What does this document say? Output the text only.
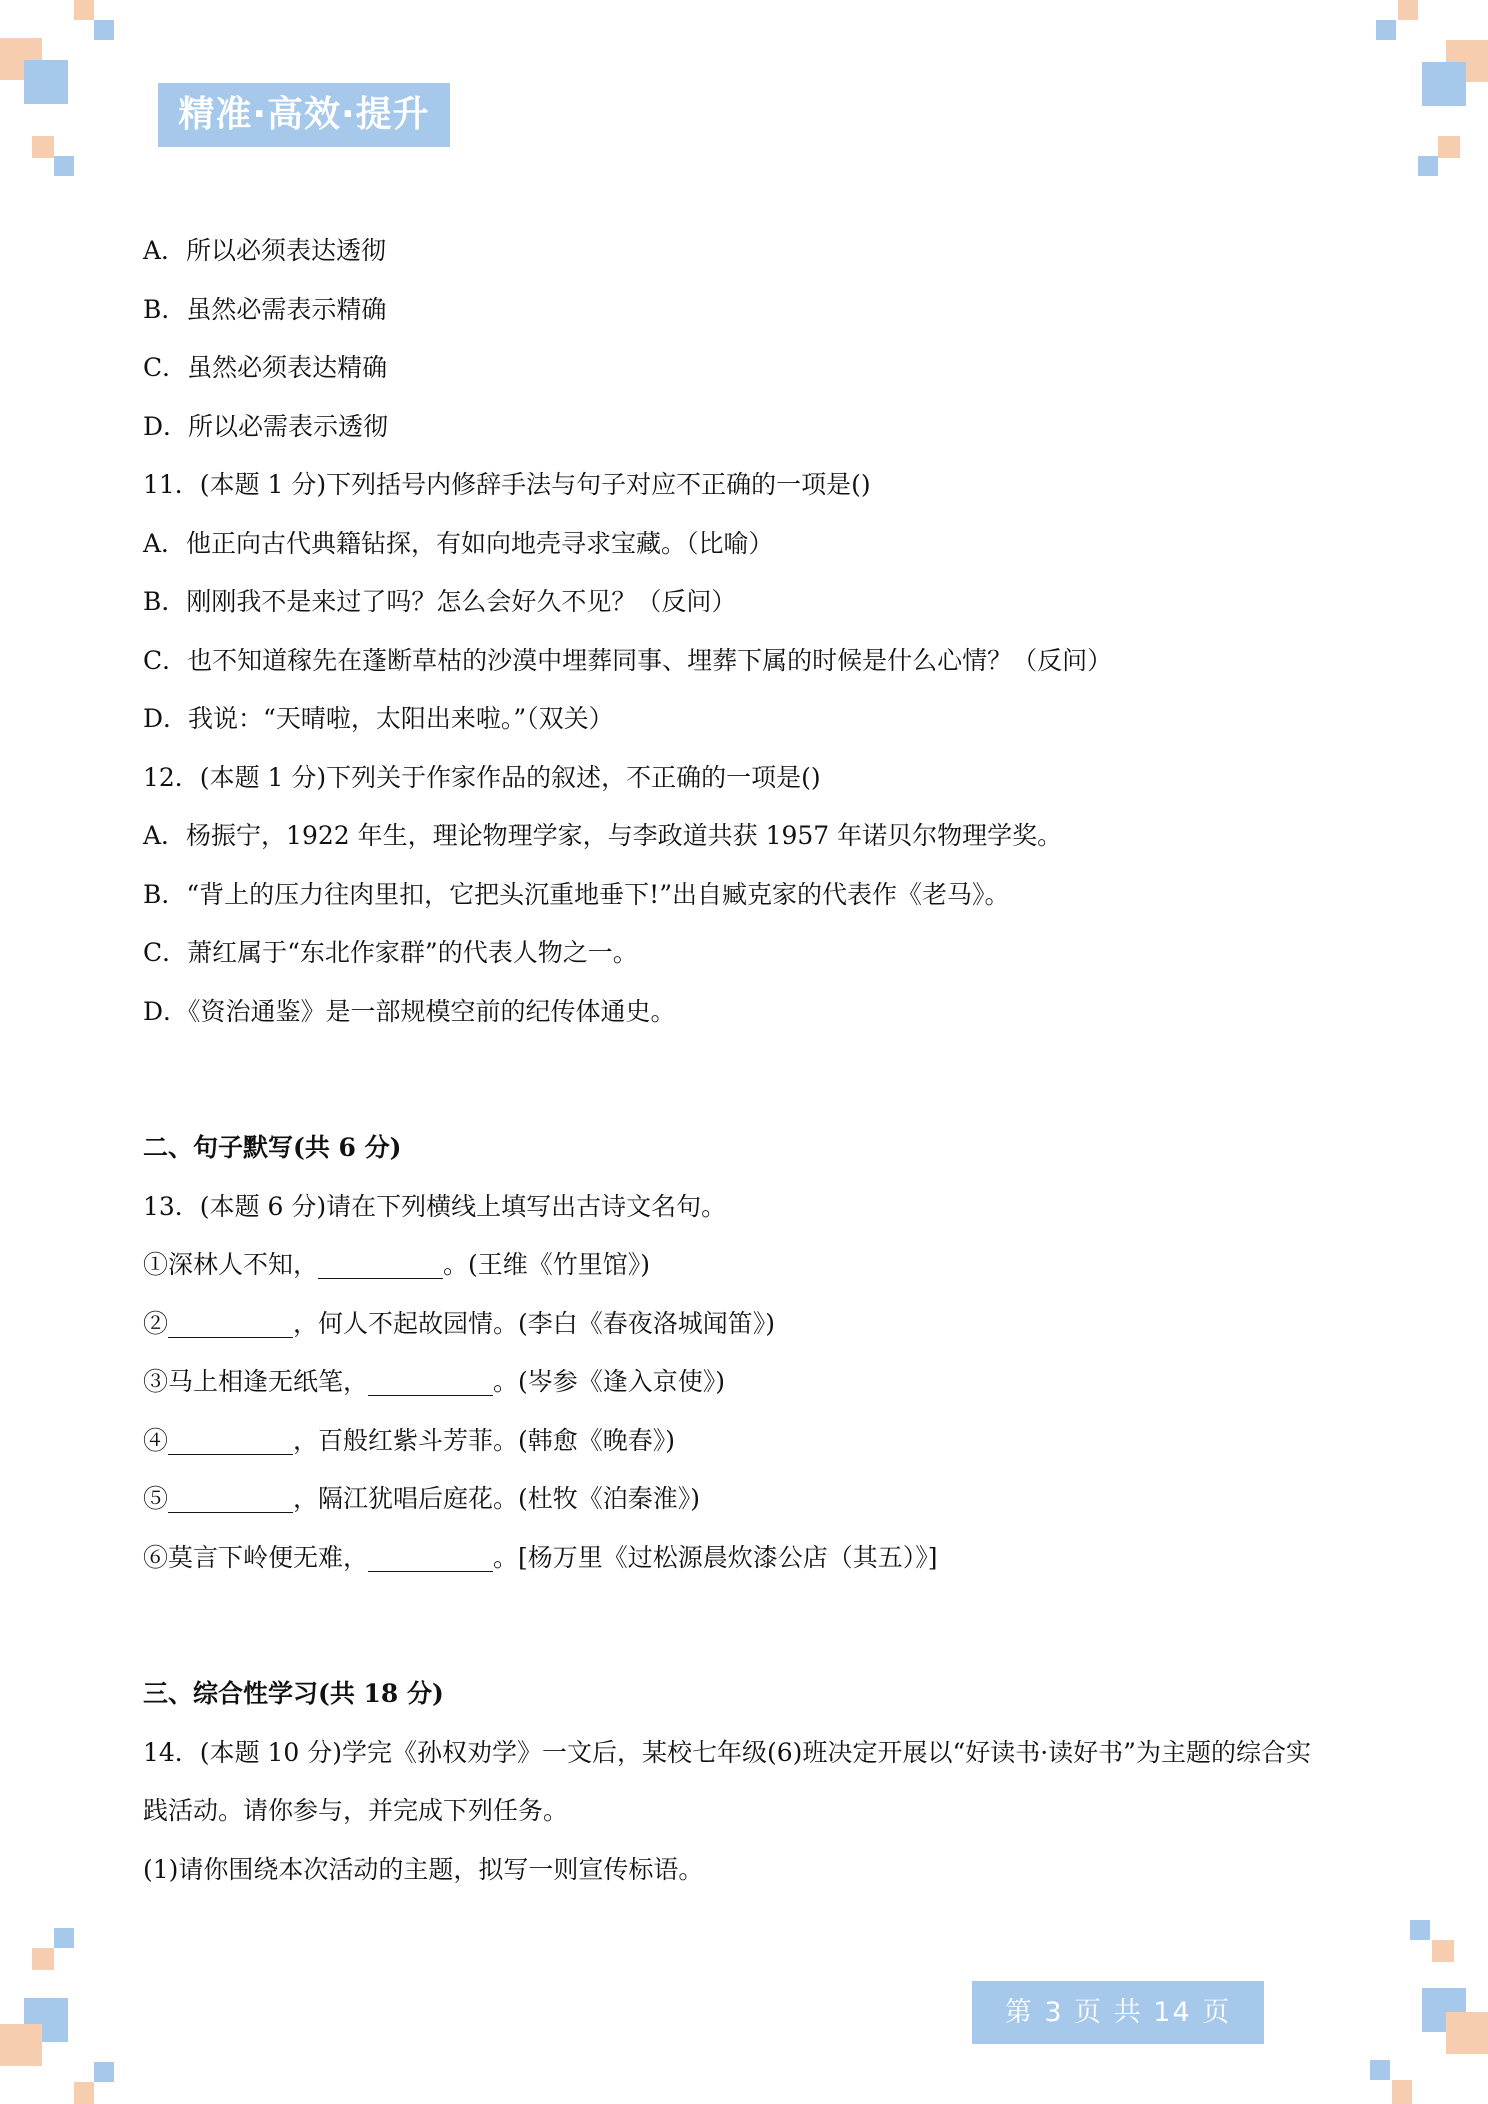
精准·高效·提升
A．所以必须表达透彻
B．虽然必需表示精确
C．虽然必须表达精确
D．所以必需表示透彻
11．(本题 1 分)下列括号内修辞手法与句子对应不正确的一项是()
A．他正向古代典籍钻探，有如向地壳寻求宝藏。（比喻）
B．刚刚我不是来过了吗？怎么会好久不见？（反问）
C．也不知道稼先在蓬断草枯的沙漠中埋葬同事、埋葬下属的时候是什么心情？（反问）
D．我说：“天晴啦，太阳出来啦。”（双关）
12．(本题 1 分)下列关于作家作品的叙述，不正确的一项是()
A．杨振宁，1922 年生，理论物理学家，与李政道共获 1957 年诺贝尔物理学奖。
B．“背上的压力往肉里扣，它把头沉重地垂下!”出自臧克家的代表作《老马》。
C．萧红属于“东北作家群”的代表人物之一。
D．《资治通鉴》是一部规模空前的纪传体通史。
二、句子默写(共 6 分)
13．(本题 6 分)请在下列横线上填写出古诗文名句。
①深林人不知，__________。(王维《竹里馆》)
②__________，何人不起故园情。(李白《春夜洛城闻笛》)
③马上相逢无纸笔，__________。(岑参《逢入京使》)
④__________，百般红紫斗芳菲。(韩愈《晚春》)
⑤__________，隔江犹唱后庭花。(杜牧《泊秦淮》)
⑥莫言下岭便无难，__________。[杨万里《过松源晨炊漆公店（其五）》]
三、综合性学习(共 18 分)
14．(本题 10 分)学完《孙权劝学》一文后，某校七年级(6)班决定开展以“好读书·读好书”为主题的综合实
践活动。请你参与，并完成下列任务。
(1)请你围绕本次活动的主题，拟写一则宣传标语。
第 3 页 共 14 页
